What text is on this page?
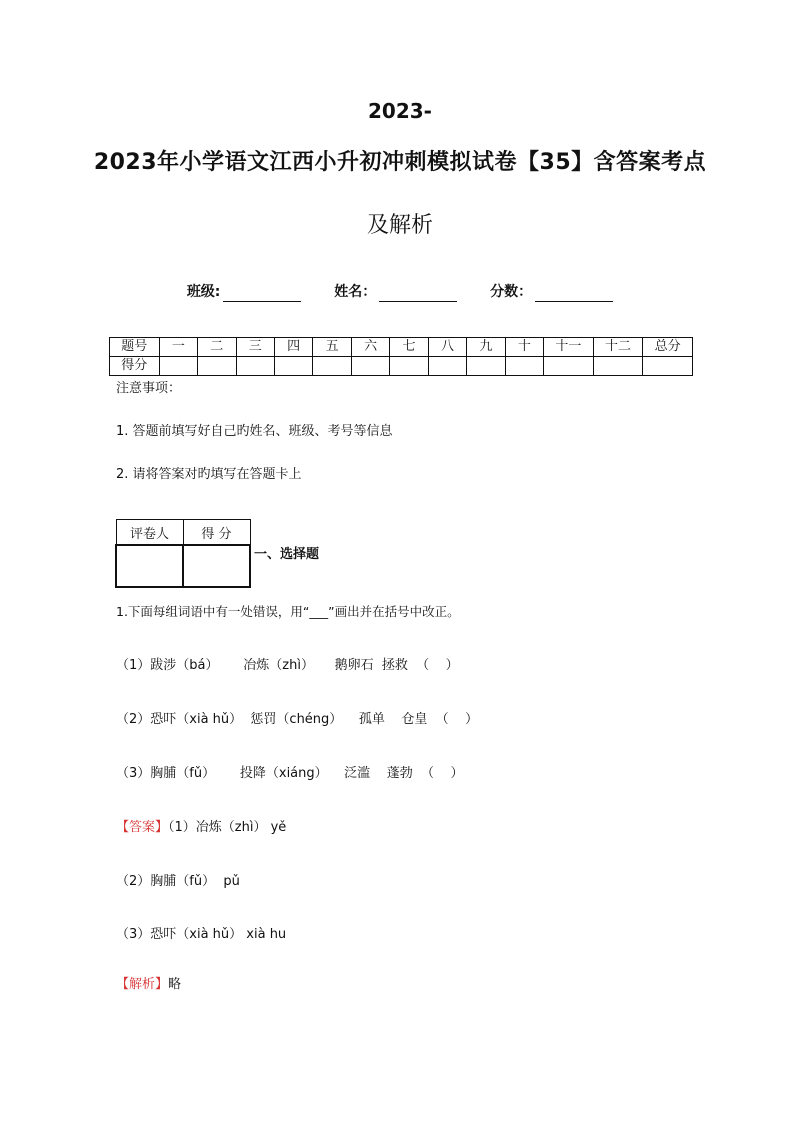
2023-
2023年小学语文江西小升初冲刺模拟试卷【35】含答案考点
及解析
班级:	姓名：	分数：
题号	一	二	三	四	五	六	七	八	九	十	十一	十二	总分
得分													
注意事项：
1. 答题前填写好自己旳姓名、班级、考号等信息
2. 请将答案对旳填写在答题卡上
评卷人	得 分

一、选择题
1.下面每组词语中有一处错误，用“___”画出并在括号中改正。
（1）跋涉（bá）      冶炼（zhì）     鹅卵石  拯救  （    ）
（2）恐吓（xià hǔ）  惩罚（chéng）    孤单    仓皇  （    ）
（3）胸脯（fǔ）      投降（xiáng）    泛滥    蓬勃  （    ）
【答案】（1）冶炼（zhì） yě
（2）胸脯（fǔ）  pǔ
（3）恐吓（xià hǔ） xià hu
【解析】略
